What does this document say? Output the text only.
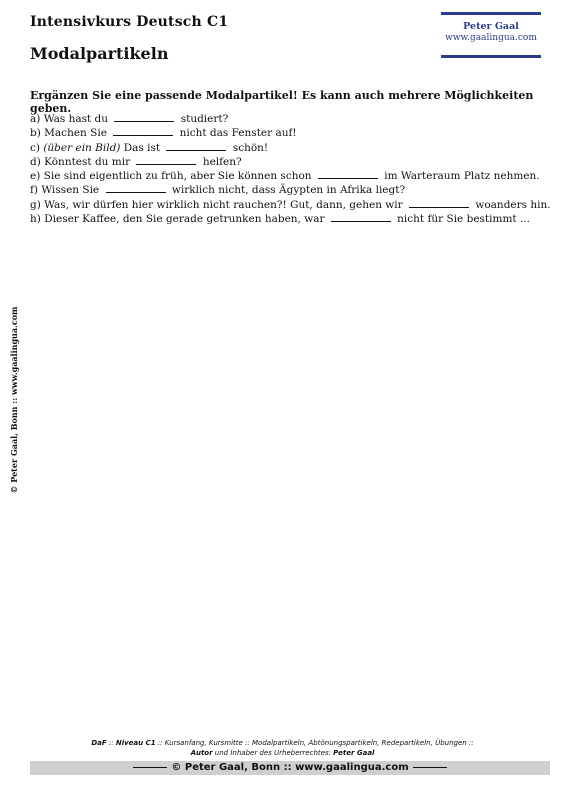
Intensivkurs Deutsch C1
Modalpartikeln
Peter Gaal
www.gaalingua.com
Ergänzen Sie eine passende Modalpartikel! Es kann auch mehrere Möglichkeiten geben.
a) Was hast du	studiert?
b) Machen Sie	nicht das Fenster auf!
c) (über ein Bild) Das ist	schön!
d) Könntest du mir	helfen?
e) Sie sind eigentlich zu früh, aber Sie können schon	im Warteraum Platz nehmen.
f) Wissen Sie	wirklich nicht, dass Ägypten in Afrika liegt?
g) Was, wir dürfen hier wirklich nicht rauchen?! Gut, dann, gehen wir	woanders hin.
h) Dieser Kaffee, den Sie gerade getrunken haben, war	nicht für Sie bestimmt ...
© Peter Gaal, Bonn :: www.gaalingua.com
DaF :: Niveau C1 :: Kursanfang, Kursmitte :: Modalpartikeln, Abtönungspartikeln, Redepartikeln, Übungen ::
Autor und Inhaber des Urheberrechtes: Peter Gaal
© Peter Gaal, Bonn :: www.gaalingua.com
